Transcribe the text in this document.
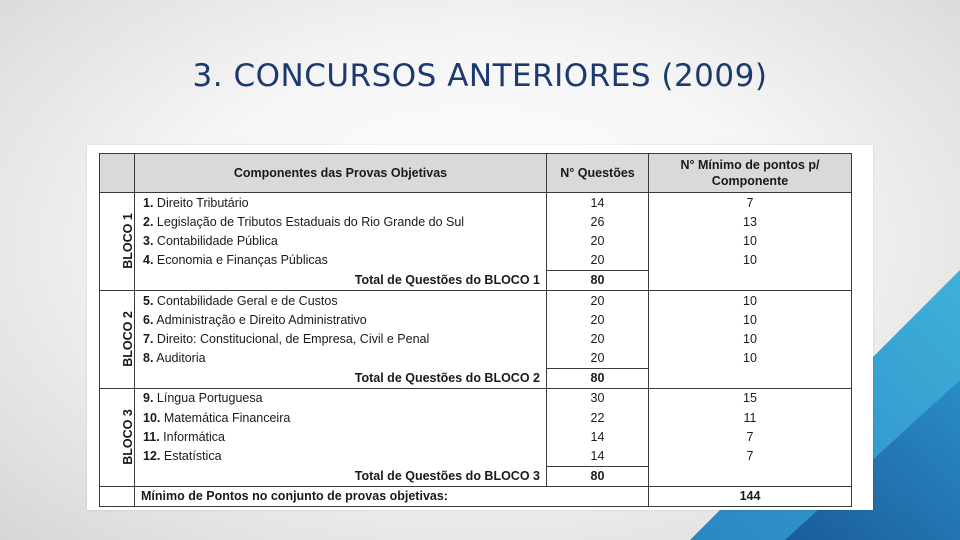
3. CONCURSOS ANTERIORES (2009)
	Componentes das Provas Objetivas	N° Questões	N° Mínimo de pontos p/ Componente
BLOCO 1	1. Direito Tributário	14	7
	2. Legislação de Tributos Estaduais do Rio Grande do Sul	26	13
	3. Contabilidade Pública	20	10
	4. Economia e Finanças Públicas	20	10
	Total de Questões do BLOCO 1	80	
BLOCO 2	5. Contabilidade Geral e de Custos	20	10
	6. Administração e Direito Administrativo	20	10
	7. Direito: Constitucional, de Empresa, Civil e Penal	20	10
	8. Auditoria	20	10
	Total de Questões do BLOCO 2	80	
BLOCO 3	9. Língua Portuguesa	30	15
	10. Matemática Financeira	22	11
	11. Informática	14	7
	12. Estatística	14	7
	Total de Questões do BLOCO 3	80	
	Mínimo de Pontos no conjunto de provas objetivas:		144
